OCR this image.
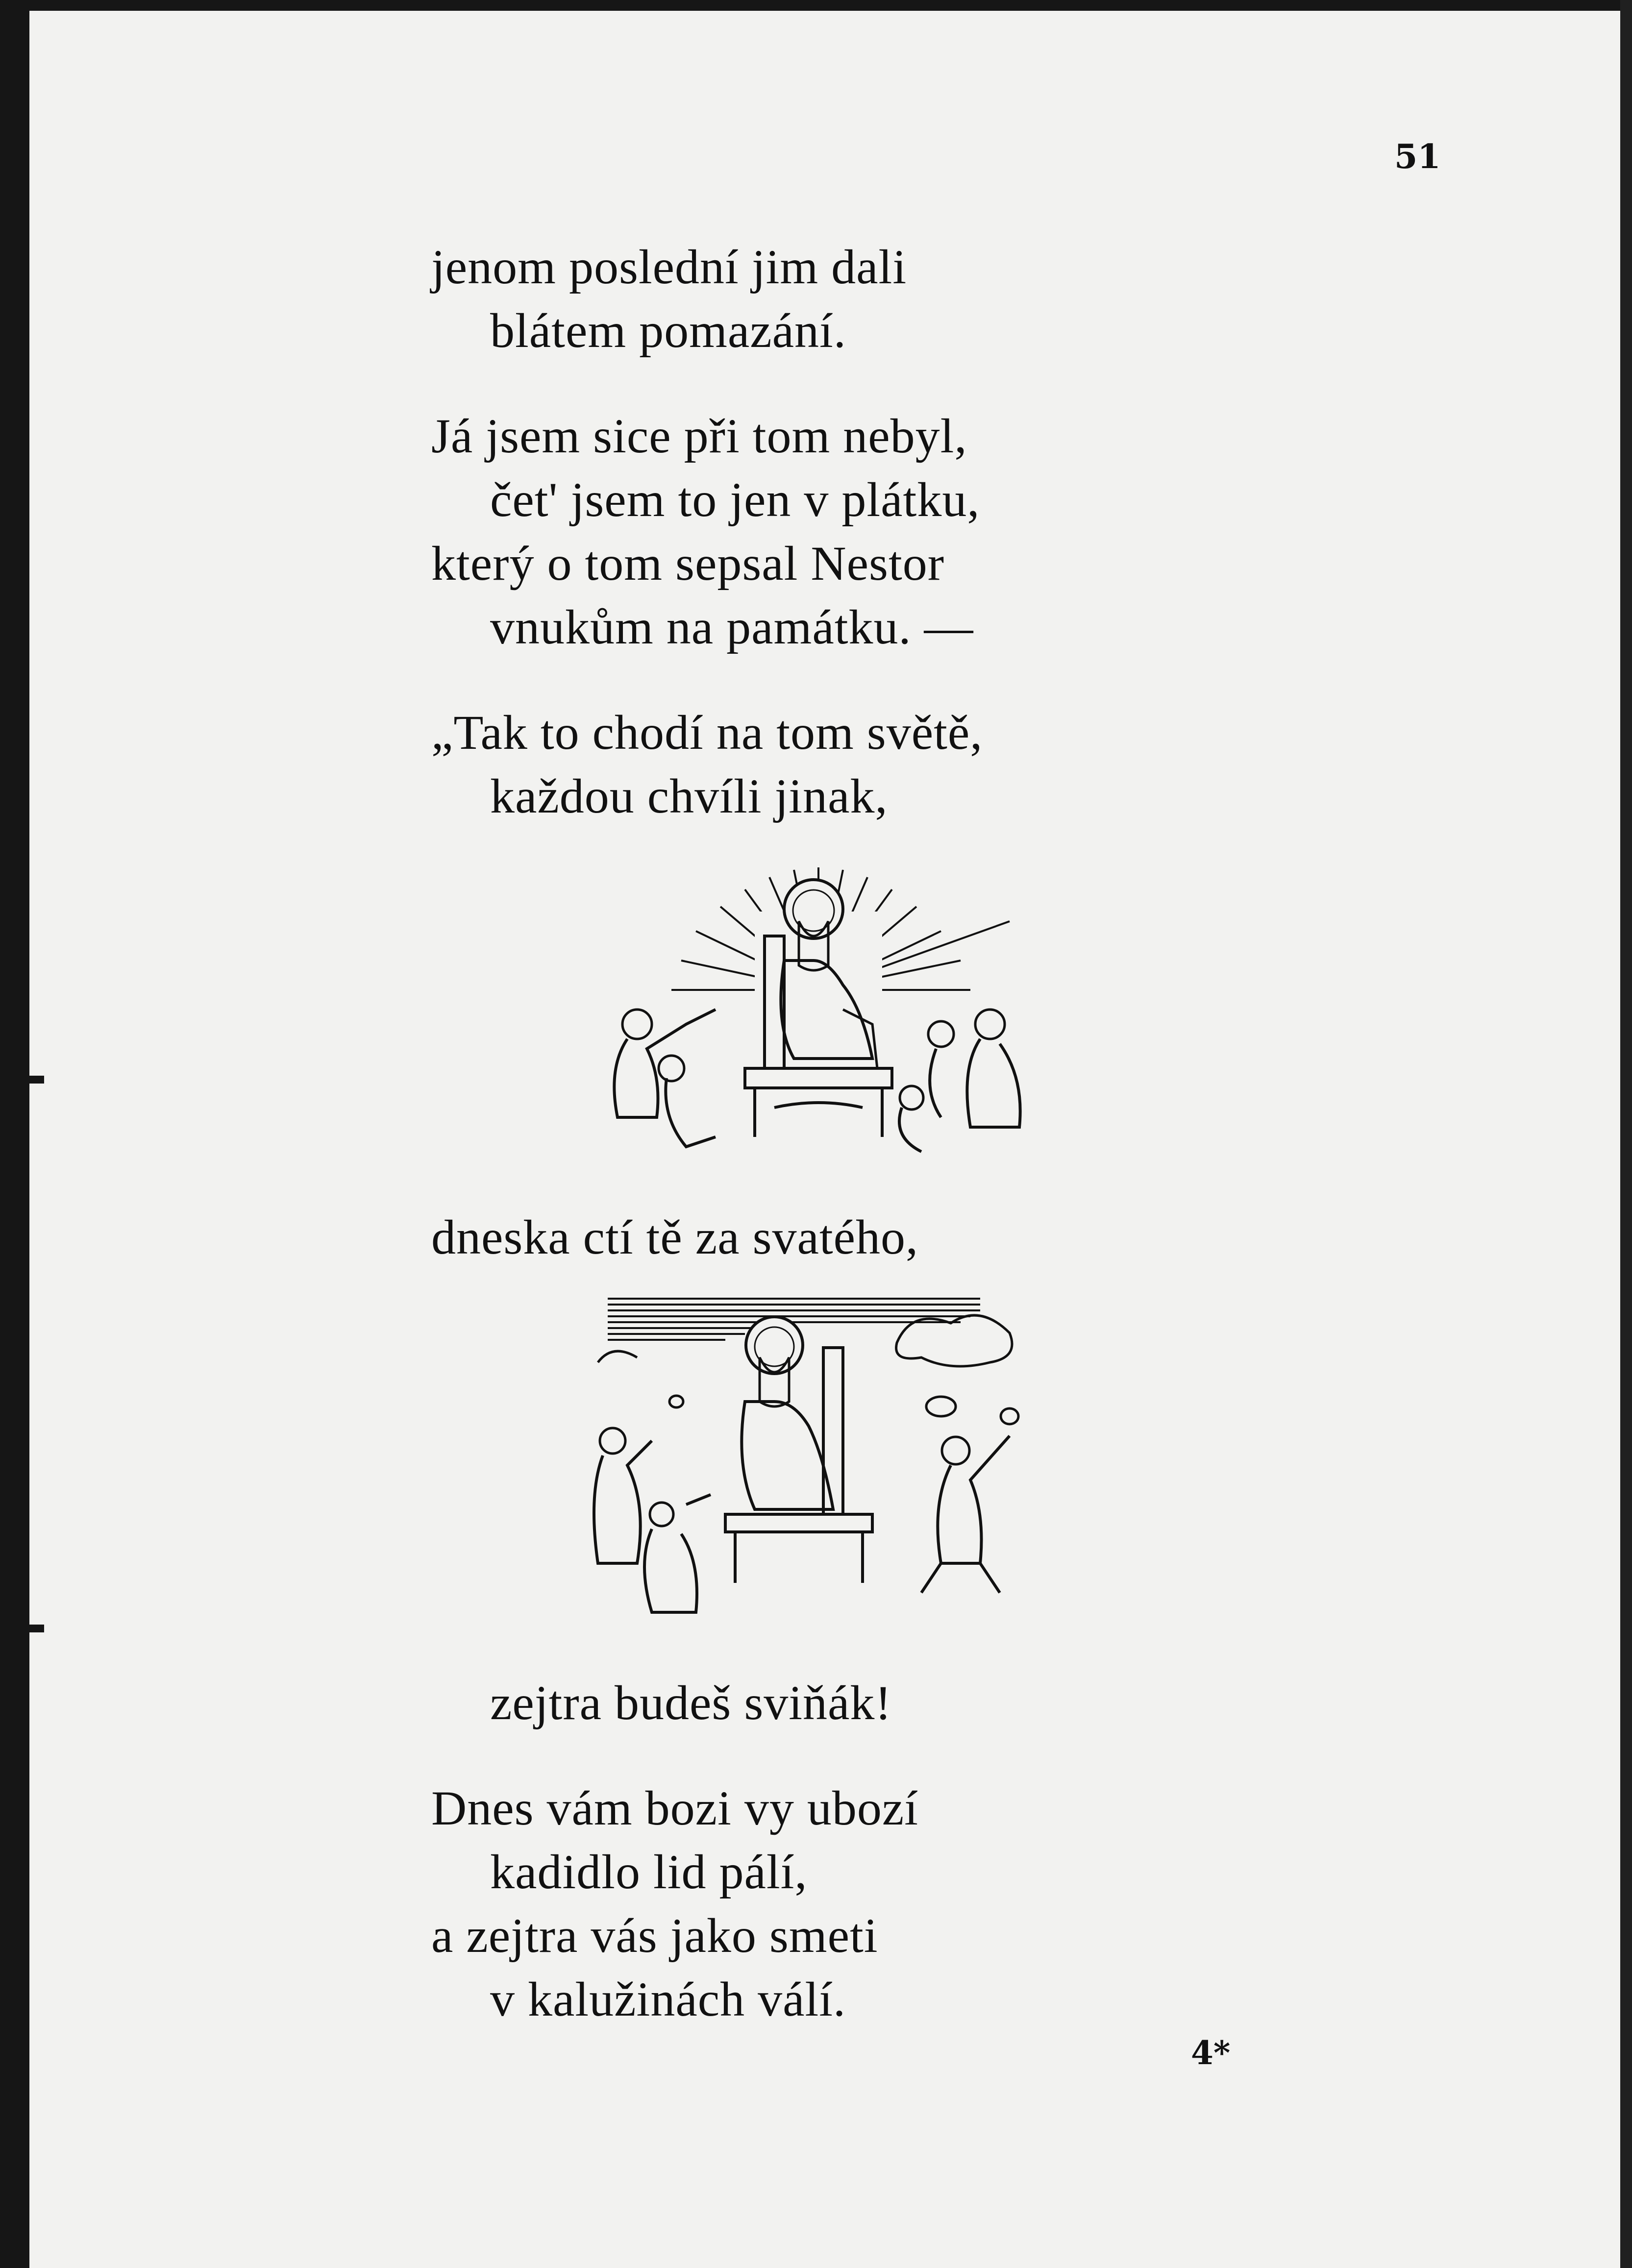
51
jenom poslední jim dali
blátem pomazání.
Já jsem sice při tom nebyl,
čet' jsem to jen v plátku,
který o tom sepsal Nestor
vnukům na památku. —
„Tak to chodí na tom světě,
každou chvíli jinak,
dneska ctí tě za svatého,
zejtra budeš sviňák!
Dnes vám bozi vy ubozí
kadidlo lid pálí,
a zejtra vás jako smeti
v kalužinách válí.
4*
